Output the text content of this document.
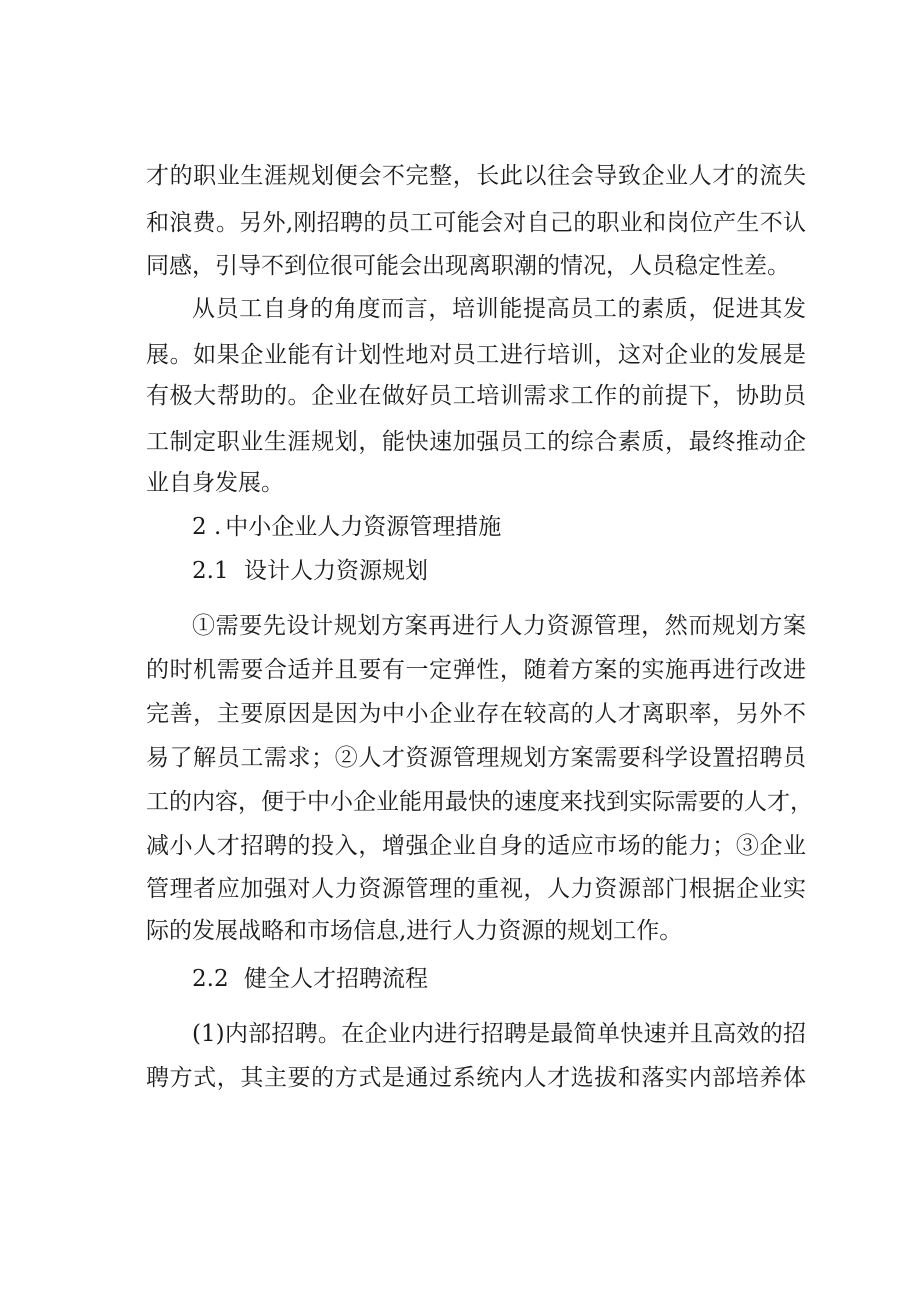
才的职业生涯规划便会不完整，长此以往会导致企业人才的流失
和浪费。另外,刚招聘的员工可能会对自己的职业和岗位产生不认
同感，引导不到位很可能会出现离职潮的情况，人员稳定性差。
从员工自身的角度而言，培训能提高员工的素质，促进其发
展。如果企业能有计划性地对员工进行培训，这对企业的发展是
有极大帮助的。企业在做好员工培训需求工作的前提下，协助员
工制定职业生涯规划，能快速加强员工的综合素质，最终推动企
业自身发展。
2 . 中小企业人力资源管理措施
2.1 设计人力资源规划
①需要先设计规划方案再进行人力资源管理，然而规划方案
的时机需要合适并且要有一定弹性，随着方案的实施再进行改进
完善，主要原因是因为中小企业存在较高的人才离职率，另外不
易了解员工需求；②人才资源管理规划方案需要科学设置招聘员
工的内容，便于中小企业能用最快的速度来找到实际需要的人才，
减小人才招聘的投入，增强企业自身的适应市场的能力；③企业
管理者应加强对人力资源管理的重视，人力资源部门根据企业实
际的发展战略和市场信息,进行人力资源的规划工作。
2.2 健全人才招聘流程
(1)内部招聘。在企业内进行招聘是最简单快速并且高效的招
聘方式，其主要的方式是通过系统内人才选拔和落实内部培养体
